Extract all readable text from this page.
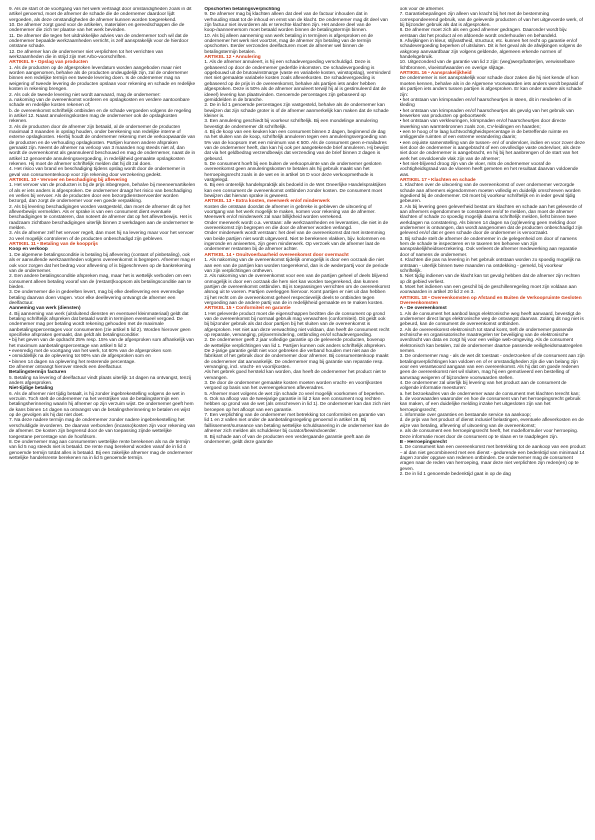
9. Als de start of de voortgang van het werk vertraagt door omstandigheden zoals in dit artikel genoemd, moet de afnemer de schade die de ondernemer daardoor lijdt vergoeden, als deze omstandigheden de afnemer kunnen worden toegerekend.

10. De afnemer zorgt goed voor de artikelen, materialen en gereedschappen die de ondernemer die zich ter plaatse van het werk bevinden.

11. De afnemer die tegen het uitdrukkelijke advies van de ondernemer toch wil dat de ondernemer bepaalde werkzaamheden verricht, is zelf aansprakelijk voor de hierdoor ontstane schade.

12. De afnemer kan de ondernemer niet verplichten tot het verrichten van werkzaamheden die in strijd zijn met Arbo-voorschriften.

ARTIKEL 9 • Opslag van producten

1. Als de producten op de afgesproken leverdatum worden aangeboden maar niet worden aangenomen, behalve als de producten ondeugdelijk zijn, zal de ondernemer binnen een redelijke termijn een tweede levering doen. Is de ondernemer mag na weigering of tweede levering de producten opslaan voor rekening en schade en redelijke kosten in rekening brengen.

2. Als ook de tweede levering niet wordt aanvaard, mag de ondernemer:

a. nakoming van de overeenkomst vorderen en opslagkosten en verdere aantoonbare schade en redelijke kosten rekenen of;

b. de overeenkomst schriftelijk ontbinden en de schade vergoeden volgens de regeling in artikel 12. Naast annuleringskosten mag de ondernemer ook de opslagkosten rekenen.

3. Als de producten door de afnemer zijn betaald, al de ondernemer de producten maximaal 3 maanden in opslag houden, onder berekening van redelijke interne of externe opslagkosten. Hierbij houdt de ondernemer rekening met de verkoopwaarde van de producten en de verhouding opslagkosten. Partijen kunnen andere afspraken gemaakt zijn. Neemt de afnemer na verloop van 3 maanden nog steeds niet af, dan wordt de overeenkomst als geannuleerd beschouwd en mag de ondernemer, naast de in artikel 12 genoemde annuleringsvergoeding, in redelijkheid gemaakte opslagkosten rekenen. Hij moet de afnemer schriftelijk melden dat hij dit zal doen.

4. Het risico van brand en beschadiging tijdens opslag wordt door de ondernemer in geval van consumentenkoop voor zijn rekening door verzekering gedekt.

ARTIKEL 10 • Vervoer en beschadiging bij aflevering

1. Het vervoer van de producten is bij de prijs inbegrepen, behalve bij meeneemartikelen of als er iets anders is afgesproken. De ondernemer draagt het risico van beschadiging en verlies bij vervoer. Als de producten door een bezorgdienstvervoerder worden bezorgd, dan zorgt de ondernemer voor een goede verpakking.

2. Als bij levering beschadigingen worden vastgesteld, dan moet de afnemer dit op het afleverbewijs vermelden. Als er sprake is van een consument dient eventuele beschadigingen te constateren, dan noteert de afnemer dat op het afleverbewijs. Het is raadzaam zichtbare beschadigingen uiterlijk binnen 2 werkdagen aan de ondernemer te melden.

3. Als de afnemer zelf het vervoer regelt, dan moet hij na levering maar voor het vervoer zo veel mogelijk controleren of de producten onbeschadigd zijn gebleven.

ARTIKEL 11 • Betaling van de koopprijs

Koop en verkoop

1. De algemene betalingsconditie is betaling bij aflevering (contant of pinbetaling), ook als er aanvullende werkzaamheden volgens overeenkomst is begrepen. Afnemer mag er ook voor zorgen dat het bedrag voor aflevering of is bijgeschreven op de bankrekening van de ondernemer.

2. Een andere betalingsconditie afspreken mag, maar het is wettelijk verboden om een consument alleen betaling vooraf van de (restant)koopsom als betalingsconditie aan te bieden.

3. De ondernemer die in gedeelten levert, mag bij elke deellevering een evenredige betaling daarvan doen vragen. Voor elke deellevering ontvangt de afnemer een deelfactuur.

Aanneming van werk (diensten)

4. Bij aanneming van werk (uitsluitend diensten en eventueel kleinmateriaal) geldt dat betaling schriftelijk afspreken dat betaald wordt in termijnen eventueel vergoed. De ondernemer mag per betaling wordt rekening gehouden met de maximale aanbetalingspercentages voor consumenten (zie artikel 5 lid 2). Worden hierover geen specifieke afspraken gemaakt, dan geldt als betalingsconditie:

• bij het geven van de opdracht 25% resp. 15% van de afgesproken som afhankelijk van het maximum aanbetalingspercentage van artikel 5 lid 2

• evenredig met de voortgang van het werk, tot 60% van de afgesproken som

• onmiddellijk na de oplevering tot 90% van de afgesproken som en

• binnen 14 dagen na oplevering het resterende percentage.

De afnemer ontvangt hierover steeds een deelfactuur.

Betalingstermijn facturen

5. Betaling na levering of deelfactuur vindt plaats uiterlijk 14 dagen na ontvangst, tenzij anders afgesproken.

Niet-tijdige betaling

6. Als de afnemer niet tijdig betaalt, is hij zonder ingebrekestelling volgens de wet in verzuim. Toch stelt de ondernemer na het verstrijken van de betalingstermijn een betalingsherinnering waarin hij afnemer op zijn verzuim wijst. De ondernemer geeft hem de kans binnen 14 dagen na ontvangst van de betalingsherinnering te betalen en wijst op de gevolgen als hij dat niet doet.

7. Na deze nadere termijn mag de ondernemer zonder nadere ingebrekestelling het verschuldigde invorderen. De daarvan verbonden (incasso)kosten zijn voor rekening van de afnemer. De kosten zijn begrensd door de van toepassing zijnde wettelijke toegestane percentage van de hoofdsom.

8. De ondernemer mag aan consumenten wettelijke rente berekenen als na de termijn van lid 5 nog steeds niet is betaald. De rente mag berekend worden vanaf de in lid 4 genoemde termijn totdat alles is betaald. Bij een zakelijke afnemer mag de ondernemer wettelijke handelsrente berekenen na in lid 5 genoemde termijn.

Opschorten betalingsverplichting

9. De afnemer mag bij klachten alleen dat deel van de factuur inhouden dat in verhouding staat tot de inhoud en ernst van de klacht. De ondernemer mag dit deel van zijn factuur niet invorderen als er terechte klachten zijn. Het andere deel van de koop-/aannemersom moet betaald worden binnen de betalingstermijn binnen.

10. Als bij alleen aanneming van werk betaling in termijnen is afgesproken en de ondernemer het werk niet voortzet, mag de afnemer zijn betaling van de termijn opschorten. Eerder verzonden deelfacturen moet de afnemer wel binnen de betalingstermijn betalen.

ARTIKEL 12 • Annulering

1. Als de afnemer annuleert, is hij een schadevergoeding verschuldigd. Deze is gebaseerd op door de ondernemer gederfde inkomsten. De schadevergoeding is opgebouwd uit de brutowinstmarge (vaste en variabele kosten, winstopslag), verminderd met niet gemaakte variabele kosten zoals afleverkosten. De schadevergoeding is gebaseerd op de prijs in de overeenkomst, behalve als partijen iets ander hebben afgesproken. Deze is 50% als de afnemer annuleert terwijl hij al is gestimuleerd dat de ideeel) levering kan plaatsvinden. Genoemde percentages zijn gebaseerd op gemiddelden in de branche.

2. De in lid 1 genoemde percentages zijn vastgesteld, behalve als de ondernemer kan bewijzen dat zijn schade groter is of de afnemer aanmerkelijk kan maken dat de schade kleiner is.

3. Een annulering geschiedt bij voorkeur schriftelijk. Bij een mondelinge annulering bevestigt de ondernemer dit schriftelijk.

4. Bij de koop van een keuken kan een consument binnen 2 dagen, beginnend de dag na het sluiten van de koop, schriftelijk annuleren tegen een annuleringsvergoeding van 5% van de koopsom met een minimum van € 500. Als de consument geen e-mailadres van de ondernemer heeft, dan kan hij ook per aangetekende brief annuleren. Hij bewijst dat via het geldbedrag verzendbewijs dat verzending van de brief binnen 2 dagen is gebeurd.

5. De consument hoeft bij een buiten de verkoopruimte van de ondernemer gesloten overeenkomst geen annuleringskosten te betalen als hij gebruik maakt van het herroepingsrecht zoals in de wet en in artikel 16 D voor deze verkoopmethode is vastgelegd.

6. Bij een onterelijk handelspraktijk als bedoeld in de Wet Oneerlijke Handelspraktijken kan een consument de overeenkomst ontbinden zonder kosten. De consument moet bewijzen dat hiervan sprake is geweest.

ARTIKEL 13 • Extra kosten, meerwerk en/of minderwerk

Kosten die ontstaan doordat de afnemer in gebreke is gebleven de uitvoering of voortgang van het werk mogelijk te maken, komen voor rekening van de afnemer.

Meerwerk en/of minderwerk zal naar billijkheid worden verrekend.

Onder meerwerk wordt o.a. verstaan: alle werkzaamheden en leveranties, die niet in de overeenkomst zijn begrepen en die door de afnemer worden verlangd.

Onder minderwerk wordt verstaan: het deel van de overeenkomst dat met instemming van beide partijen niet wordt uitgevoerd. Niet te berekenen vlakken, bijv. kolommen en ingeronde en aniveertes, zijn geen minderwerk. Op verzoek van de afnemer laat de ondernemer restanten bij de afnemer achter.

ARTIKEL 14 • Onuitvoerbaarheid overeenkomst door overmacht

1. Als nakoming van de overeenkomst tijdelijk onmogelijk is door een oorzaak die niet aan een van de partijen kan worden toegerekend, dan is de wederpartij voor de periode van zijn verplichtingen ontheven.

2. Als nakoming van de overeenkomst voor een van de partijen geheel of deels blijvend onmogelijk is door een oorzaak die hem niet kan worden toegerekend, dan kunnen partijen de overeenkomst ontbinden. Bij is toepassingen verrichten om de overeenkomst alsnog uit te voeren. Partijen overleggen hiervoor. Komt partijen er niet uit dan hebben zij het recht om de overeenkomst geheel respectievelijk deels te ontbinden tegen vergoeding aan de andere partij van de in redelijkheid gemaakte en te maken kosten.

ARTIKEL 15 • Conformiteit en garantie

1 Het geleverde product moet die eigenschappen bezitten die de consument op grond van de overeenkomst bij normaal gebruik mag verwachten (conformiteit). Dit geldt ook bij bijzonder gebruik als dat door partijen bij het sluiten van de overeenkomst is afgesproken. Het niet aan deze verwachting niet voldaan, dan heeft de consument recht op reparatie, vervanging, prijsvermindering, ontbinding en/of schadevergoeding.

2. De ondernemer geeft 2 jaar volledige garantie op de geleverde producten, bovenop de wettelijke verplichtingen van lid 1. Partijen kunnen ook anders schriftelijk afspreken. De 2-jarige garantie geldt niet voor gebreken die verband houden met niet aan de fabrikant of het gebruik door de ondernemer door afnemer. Bij consumentenkoop maakt de ondernemer dat aanvankelijk. De ondernemer mag bij garantie van reparatie resp. vervanging, incl. vracht- en voorrijkosten.

Als het gebrek goed hersteld kan worden, dan heeft de ondernemer het product niet te vervangen.

3. De door de ondernemer gemaakte kosten moeten worden vracht- en voorrijkosten vergoed op basis van het overeengekomen afleveradres.

5. Afnemer moet volgens de wet zijn schade zo veel mogelijk voorkomen of beperken.

6. Ook na afloop van de tweejarige garantie in lid 2 kan een consument nog rechten hebben op grond van de wet (als omschreven in lid 1). De ondernemer kan dan zich niet beroepen op het afloopt van een garantie.

7. Een verplichting van de ondernemer met betrekking tot conformiteit en garantie van lid 1 en 2 vallen niet onder de aanbetalingsregeling genoemd in artikel 19. Bij faillissement/surseance van betaling wettelijke schuldsanering in de ondernemer kan de afnemer zich melden als schuldeiser bij curator/bewindvoerder.

8. Bij schade aan of van de producten een verdergaande garantie geeft aan de ondernemer, geldt deze garantie

ook voor de afnemer.

7. Garantiebepalingen zijn alleen van kracht bij het met de bestemming correspondeerend gebruik, van de geleverde producten of van het uitgevoerde werk, of bij bijzonder gebruik als dat is afgesproken.

8. De afnemer moet zich als een goed afnemer gedragen. Daaronder wordt bijv. verstaan dat het product al en afdoende wordt onderhouden en behandeld.

9. Afwijkingen in kleur, stijlvastheid, structuur, etc. kunnen het recht op garantie en/of schadevergoeding beperken of uitsluiten. Dit is het geval als de afwijkingen volgens de vakgroep aanvaardbaar zijn volgens geldende, algemeen erkende normen of handelsgebruik.

10. Uitgezonderd van de garantie van lid 2 zijn: (weg)werp/batterijen, verwisselbare lichtbronnen, vloeistofwaarden en overige slijtage.

ARTIKEL 16 • Aansprakelijkheid

De ondernemer is niet aansprakelijk voor schade door zaken die hij niet kende of kon moeten kennen, behalve als in de Algemene Voorwaarden iets anders wordt bepaald of als partijen iets anders tussen partijen is afgesproken. Er kan onder andere als schade zijn:

• het ontstaan van krimpnaden en/of haarscheurtjes in steen, dit in meubelen of in kleding

• het ontstaan van krimpnaden en/of haarscheurtjes als gevolg van het gebruik van bewerken van producten op geboortwerk

• het ontstaan van verkleuringen, krimpnaden en/of haarscheurtjes door directe inwerking van warmtebronnen zoals zon, CV-leidingen en haarden;

• een te hoog of te laag luchtvochtigheidspercentage in de betreffende ruimte en omliggende ruimten of een extreme verandering daarin;

• een onjuiste samenstelling van de tussen- en/ of ondervloer, indien en voor zover deze niet door de ondernemer is aangebracht of een onvolledige vaste ondervloer, als deze niet door de ondernemer is aangebracht, en hij bij het aanbrengen of de start van het werk het onvoldoende vlak zijn van de afnemer;

• het niet-blijvend droog zijn van de vloer, mits de ondernemer vooraf de vochtigheidsgraad van de vloeren heeft gemeten en het resultaat daarvan voldoende was.

ARTIKEL 17 • Klachten en schade

1. Klachten over de uitvoering van de overeenkomst of over ondernemer verzorgde schade aan afnemers eigendommen moeten volledig en duidelijk omschreven worden ingediend bij de ondernemer. Dit moet bij voorkeur schriftelijk en in ieder geval tijdig gebeuren.

2. Als bij levering geen geleverheid bestat om klachten en schade aan het geleverde of aan afnemers eigendommen te constateren en/of te melden, dan moet de afnemer klachten of schade zo spoedig mogelijk daarna schriftelijk melden, liefst binnen twee werkdagen na constatering. Als binnen 14 dagen na (op)levering geen melding door ondernemer is ontvangen, dan wordt aangenomen dat de producten onbeschadigd zijn geleverd en/of dat er geen schade door de ondernemer is veroorzaakt.

3. Bij schade stelt de afnemer de ondernemer in de gelegenheid om door of namens hem de schade te inspecteren en te taxeren ten behoeve van zijn aansprakelijkheidsverzekering. Ook verleent de afnemer medewerking aan reparatie door of namens de ondernemer.

4. Klachten die pas na levering in het gebruik ontstaan worden zo spoedig mogelijk na ontstaan - uiterlijk binnen twee maanden na ontdekking - gemeld, bij voorkeur schriftelijk.

5. Niet tijdig indienen van de klacht kan tot gevolg hebben dat de afnemer zijn rechten op dit gebied verliest.

6. Moet het indienen van een geschil bij de geschillenregeling moet zijn voldaan aan voorwaarden in artikel 20 lid 2 en 3.

ARTIKEL 18 • Overeenkomsten op Afstand en Buiten de Verkoopruimte Gesloten Overeenkomsten

A - De overeenkomst

1. Als de consument het aanbod langs elektronische weg heeft aanvaard, bevestigt de ondernemer direct langs elektronische weg de ontvangst daarvan. Zolang dit nog niet is gebeurd, kan de consument de overeenkomst ontbinden.

2. Als de overeenkomst elektronisch tot stand komt, treft de ondernemer passende technische en organisatorische maatregelen ter beveiliging van de elektronische overdracht van data en zorgt hij voor een veilige web-omgeving. Als de consument elektronisch kan betalen, zal de ondernemer daartoe passende veiligheidsmaatregelen nemen.

3. De ondernemer mag - als de wet dit toestaat - onderzoeken of de consument aan zijn betalingsverplichtingen kan voldoen en of er omstandigheden zijn die van belang zijn voor een verantwoord aangaan van een overeenkomst. Als hij dat om goede redenen geen de overeenkomst niet wil sluiten, mag hij een gemotiveerd een bestelling of aanvraag weigeren of bijzondere voorwaarden stellen.

4. De ondernemer zal uiterlijk bij levering van het product aan de consument de volgende informatie meesturen:

a. het bezoekadres van de ondernemer waar de consument met klachten terecht kan;

b. de voorwaarden waaronder en hoe de consument van het herroepingsrecht gebruik kan maken, of een duidelijke melding inzake het uitgesloten zijn van het herroepingsrecht;

c. informatie over garanties en bestaande service na aankoop;

d. de prijs van het product of dienst inclusief belastingen, eventuele afleverkosten en de wijze van betaling, aflevering of uitvoering van de overeenkomst;

e. als de consument een herroepingsrecht heeft, het modelformulier voor herroeping.

Deze informatie moet door de consument op te slaan en te raadplegen zijn.

B - Herroepingsrecht

1. De consument kan een overeenkomst met betrekking tot de aankoop van een product – al dan niet gecombineerd met een dienst - gedurende een bedenktijd van minimaal 14 dagen zonder opgave van redenen ontbinden. De ondernemer mag de consument vragen naar de reden van herroeping, maar deze niet verplichten zijn reden(en) op te geven.

2. De in lid 1 genoemde bedenktijd gaat in op de dag
